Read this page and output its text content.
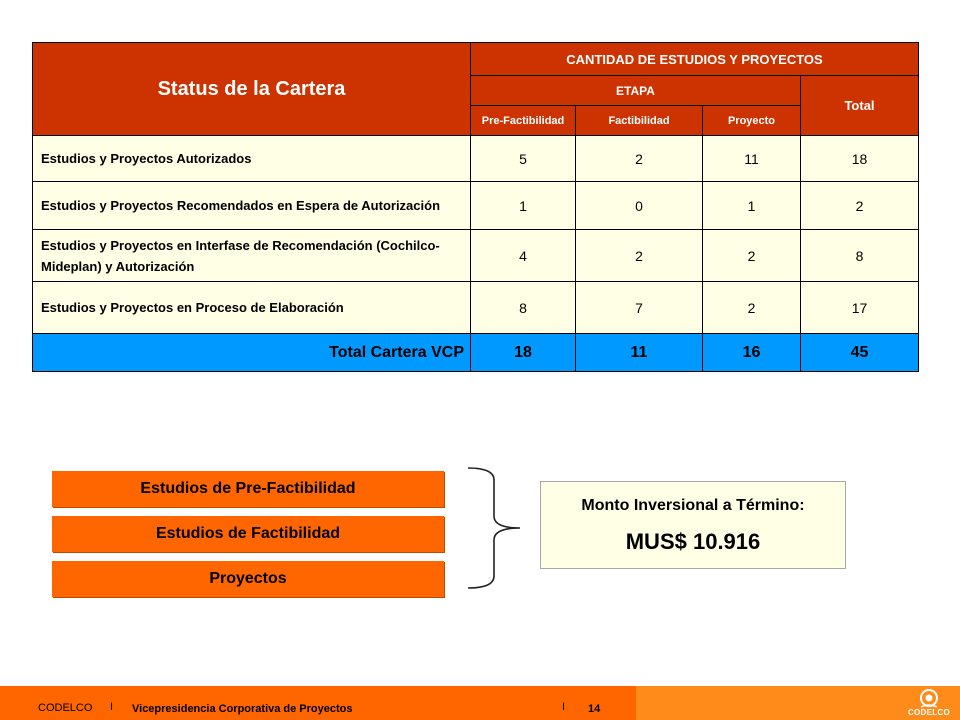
Status de la Cartera	CANTIDAD DE ESTUDIOS Y PROYECTOS			
	ETAPA			Total
	Pre-Factibilidad	Factibilidad	Proyecto	
Estudios y Proyectos Autorizados	5	2	11	18
Estudios y Proyectos Recomendados en Espera de Autorización	1	0	1	2
Estudios y Proyectos en Interfase de Recomendación (Cochilco-Mideplan) y Autorización	4	2	2	8
Estudios y Proyectos en Proceso de Elaboración	8	7	2	17
Total Cartera VCP	18	11	16	45
Estudios de Pre-Factibilidad
Estudios de Factibilidad
Proyectos
Monto Inversional a Término:
MUS$ 10.916
CODELCO I Vicepresidencia Corporativa de Proyectos	I 14	CODELCO
